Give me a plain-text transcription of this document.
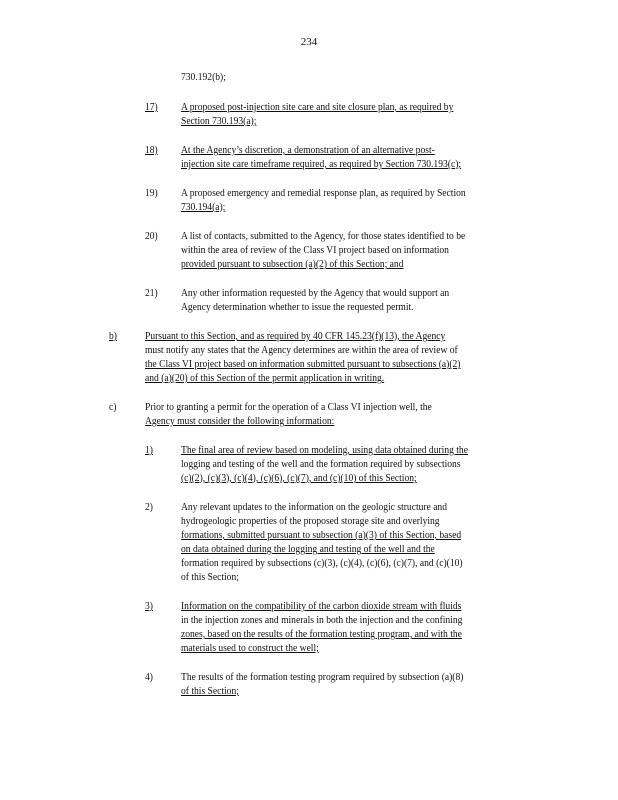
234
730.192(b);
17) A proposed post-injection site care and site closure plan, as required by
Section 730.193(a);
18) At the Agency’s discretion, a demonstration of an alternative post-
injection site care timeframe required, as required by Section 730.193(c);
19) A proposed emergency and remedial response plan, as required by Section
730.194(a);
20) A list of contacts, submitted to the Agency, for those states identified to be
within the area of review of the Class VI project based on information
provided pursuant to subsection (a)(2) of this Section; and
21) Any other information requested by the Agency that would support an
Agency determination whether to issue the requested permit.
b)	Pursuant to this Section, and as required by 40 CFR 145.23(f)(13), the Agency
must notify any states that the Agency determines are within the area of review of
the Class VI project based on information submitted pursuant to subsections (a)(2)
and (a)(20) of this Section of the permit application in writing.
c)	Prior to granting a permit for the operation of a Class VI injection well, the
Agency must consider the following information:
1)	The final area of review based on modeling, using data obtained during the
logging and testing of the well and the formation required by subsections
(c)(2), (c)(3), (c)(4), (c)(6), (c)(7), and (c)(10) of this Section;
2)	Any relevant updates to the information on the geologic structure and
hydrogeologic properties of the proposed storage site and overlying
formations, submitted pursuant to subsection (a)(3) of this Section, based
on data obtained during the logging and testing of the well and the
formation required by subsections (c)(3), (c)(4), (c)(6), (c)(7), and (c)(10)
of this Section;
3)	Information on the compatibility of the carbon dioxide stream with fluids
in the injection zones and minerals in both the injection and the confining
zones, based on the results of the formation testing program, and with the
materials used to construct the well;
4)	The results of the formation testing program required by subsection (a)(8)
of this Section;
